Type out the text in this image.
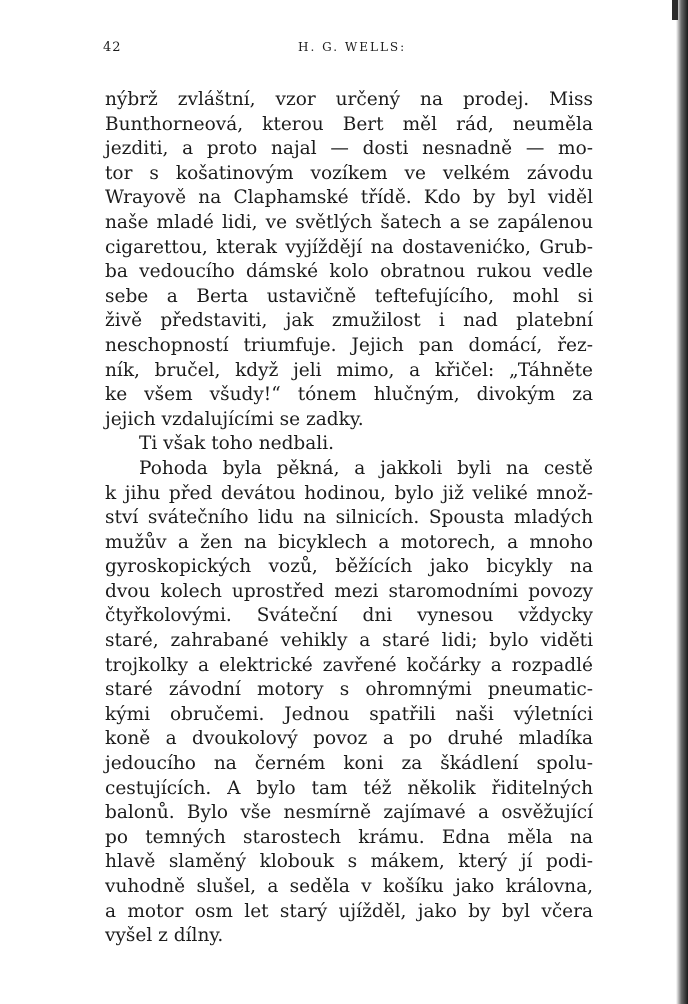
42	H. G. WELLS:
nýbrž zvláštní, vzor určený na prodej. Miss
Bunthorneová, kterou Bert měl rád, neuměla
jezditi, a proto najal — dosti nesnadně — mo-
tor s košatinovým vozíkem ve velkém závodu
Wrayově na Claphamské třídě. Kdo by byl viděl
naše mladé lidi, ve světlých šatech a se zapálenou
cigarettou, kterak vyjíždějí na dostavenićko, Grub-
ba vedoucího dámské kolo obratnou rukou vedle
sebe a Berta ustavičně teftefujícího, mohl si
živě představiti, jak zmužilost i nad platební
neschopností triumfuje. Jejich pan domácí, řez-
ník, bručel, když jeli mimo, a křičel: „Táhněte
ke všem všudy!“ tónem hlučným, divokým za
jejich vzdalujícími se zadky.
Ti však toho nedbali.
Pohoda byla pěkná, a jakkoli byli na cestě
k jihu před devátou hodinou, bylo již veliké množ-
ství svátečního lidu na silnicích. Spousta mladých
mužův a žen na bicyklech a motorech, a mnoho
gyroskopických vozů, běžících jako bicykly na
dvou kolech uprostřed mezi staromodními povozy
čtyřkolovými. Sváteční dni vynesou vždycky
staré, zahrabané vehikly a staré lidi; bylo viděti
trojkolky a elektrické zavřené kočárky a rozpadlé
staré závodní motory s ohromnými pneumatic-
kými obručemi. Jednou spatřili naši výletníci
koně a dvoukolový povoz a po druhé mladíka
jedoucího na černém koni za škádlení spolu-
cestujících. A bylo tam též několik řiditelných
balonů. Bylo vše nesmírně zajímavé a osvěžující
po temných starostech krámu. Edna měla na
hlavě slaměný klobouk s mákem, který jí podi-
vuhodně slušel, a seděla v košíku jako královna,
a motor osm let starý ujížděl, jako by byl včera
vyšel z dílny.
